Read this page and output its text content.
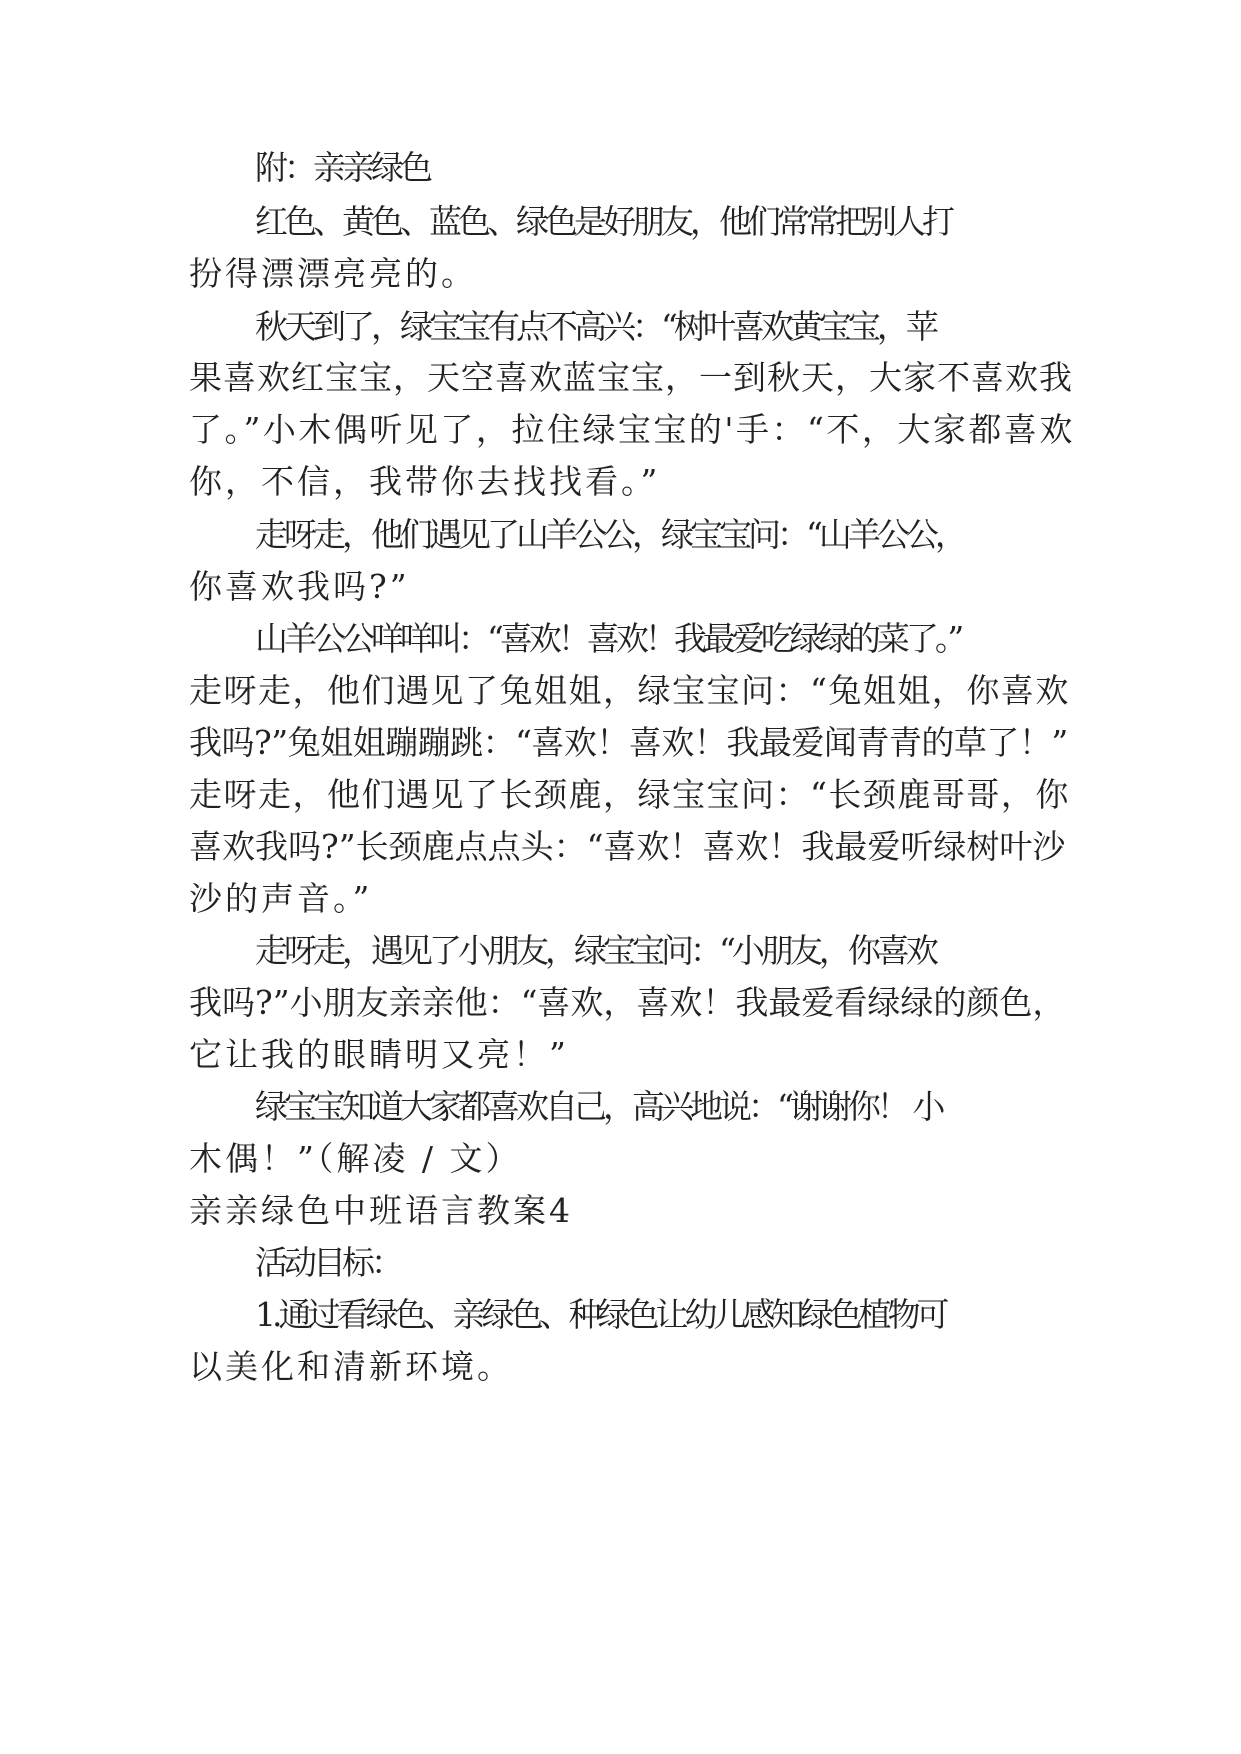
附：亲亲绿色
红色、黄色、蓝色、绿色是好朋友，他们常常把别人打
扮得漂漂亮亮的。
秋天到了，绿宝宝有点不高兴：“树叶喜欢黄宝宝，苹
果喜欢红宝宝，天空喜欢蓝宝宝，一到秋天，大家不喜欢我
了。”小木偶听见了，拉住绿宝宝的'手：“不，大家都喜欢
你，不信，我带你去找找看。”
走呀走，他们遇见了山羊公公，绿宝宝问：“山羊公公，
你喜欢我吗?”
山羊公公咩咩叫：“喜欢！喜欢！我最爱吃绿绿的菜了。”
走呀走，他们遇见了兔姐姐，绿宝宝问：“兔姐姐，你喜欢
我吗?”兔姐姐蹦蹦跳：“喜欢！喜欢！我最爱闻青青的草了！”
走呀走，他们遇见了长颈鹿，绿宝宝问：“长颈鹿哥哥，你
喜欢我吗?”长颈鹿点点头：“喜欢！喜欢！我最爱听绿树叶沙
沙的声音。”
走呀走，遇见了小朋友，绿宝宝问：“小朋友，你喜欢
我吗?”小朋友亲亲他：“喜欢，喜欢！我最爱看绿绿的颜色，
它让我的眼睛明又亮！”
绿宝宝知道大家都喜欢自己，高兴地说：“谢谢你！ 小
木偶！”（解凌 / 文）
亲亲绿色中班语言教案4
活动目标：
1.通过看绿色、亲绿色、种绿色让幼儿感知绿色植物可
以美化和清新环境。
